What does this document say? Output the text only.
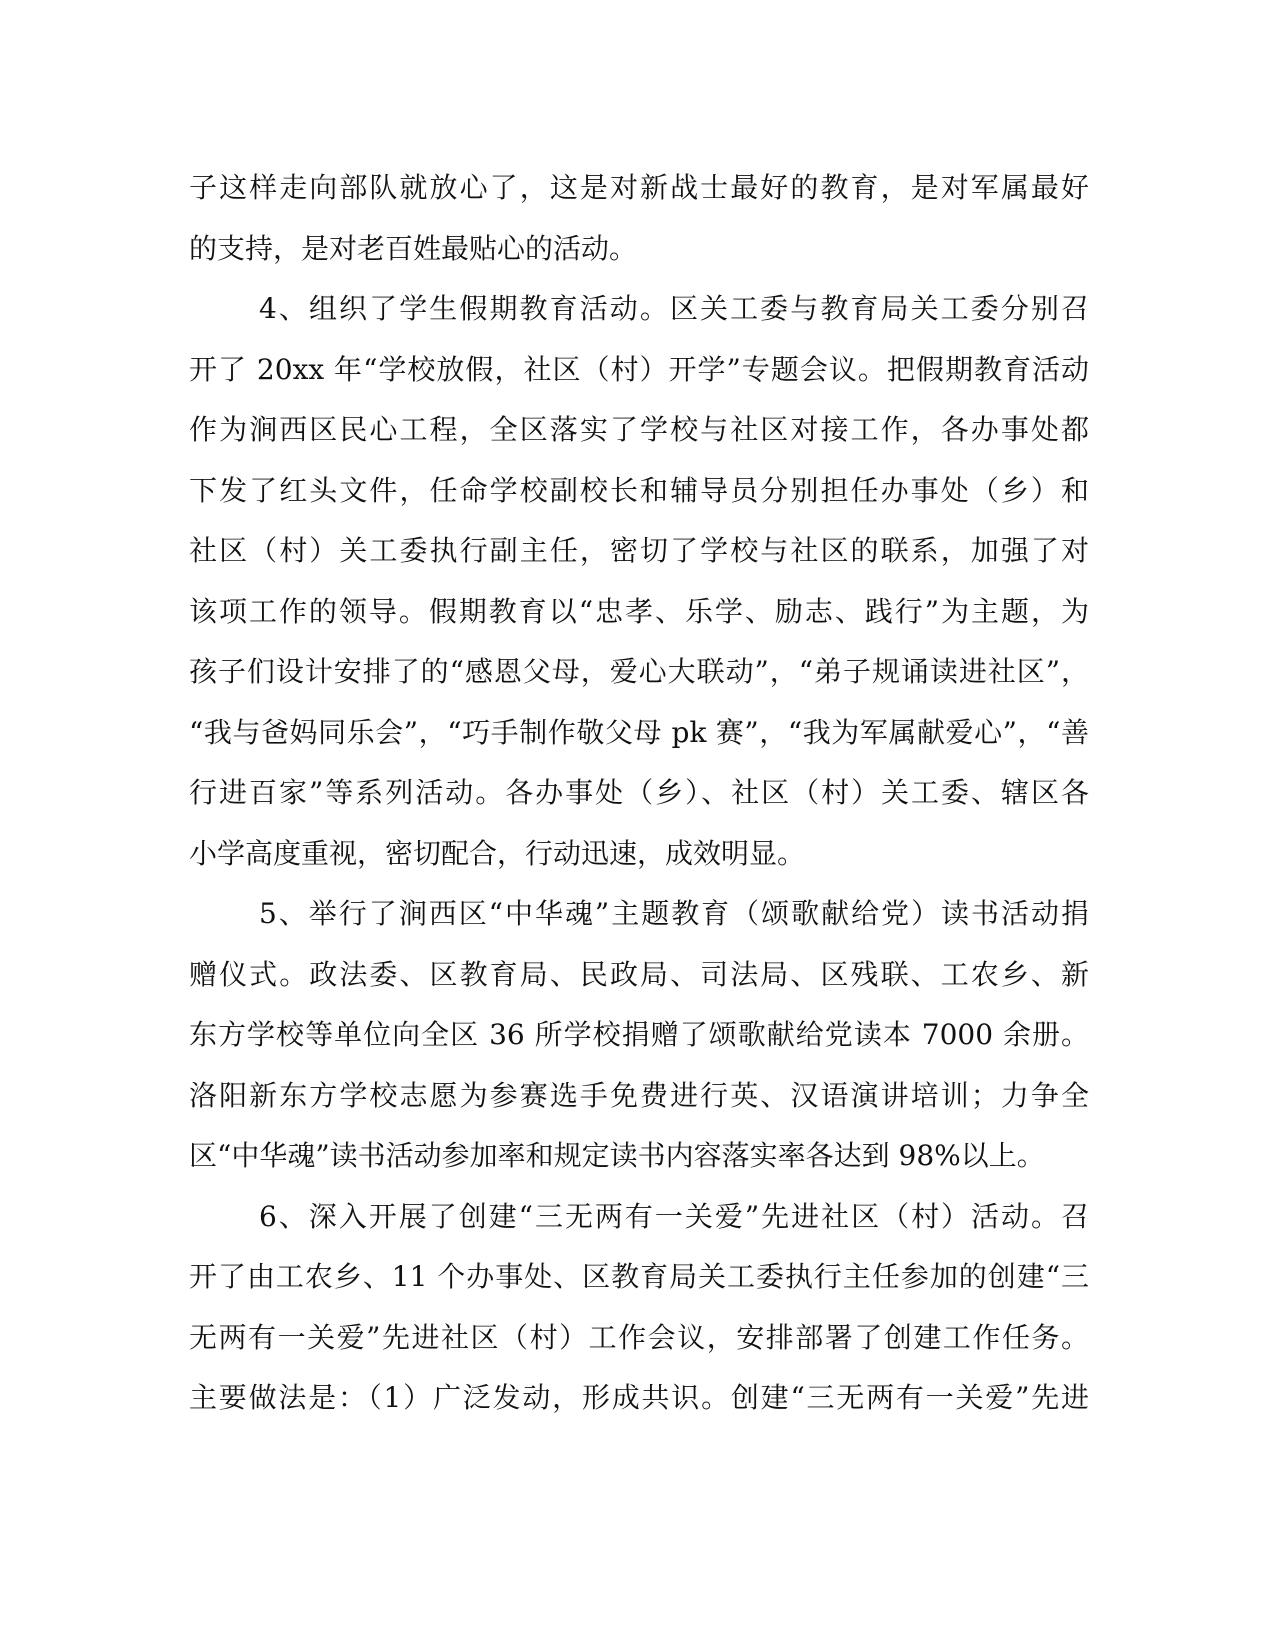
子这样走向部队就放心了，这是对新战士最好的教育，是对军属最好
的支持，是对老百姓最贴心的活动。
4、组织了学生假期教育活动。区关工委与教育局关工委分别召
开了 20xx 年“学校放假，社区（村）开学”专题会议。把假期教育活动
作为涧西区民心工程，全区落实了学校与社区对接工作，各办事处都
下发了红头文件，任命学校副校长和辅导员分别担任办事处（乡）和
社区（村）关工委执行副主任，密切了学校与社区的联系，加强了对
该项工作的领导。假期教育以“忠孝、乐学、励志、践行”为主题，为
孩子们设计安排了的“感恩父母，爱心大联动”，“弟子规诵读进社区”，
“我与爸妈同乐会”，“巧手制作敬父母 pk 赛”，“我为军属献爱心”，“善
行进百家”等系列活动。各办事处（乡）、社区（村）关工委、辖区各
小学高度重视，密切配合，行动迅速，成效明显。
5、举行了涧西区“中华魂”主题教育（颂歌献给党）读书活动捐
赠仪式。政法委、区教育局、民政局、司法局、区残联、工农乡、新
东方学校等单位向全区 36 所学校捐赠了颂歌献给党读本 7000 余册。
洛阳新东方学校志愿为参赛选手免费进行英、汉语演讲培训；力争全
区“中华魂”读书活动参加率和规定读书内容落实率各达到 98%以上。
6、深入开展了创建“三无两有一关爱”先进社区（村）活动。召
开了由工农乡、11 个办事处、区教育局关工委执行主任参加的创建“三
无两有一关爱”先进社区（村）工作会议，安排部署了创建工作任务。
主要做法是：（1）广泛发动，形成共识。创建“三无两有一关爱”先进
